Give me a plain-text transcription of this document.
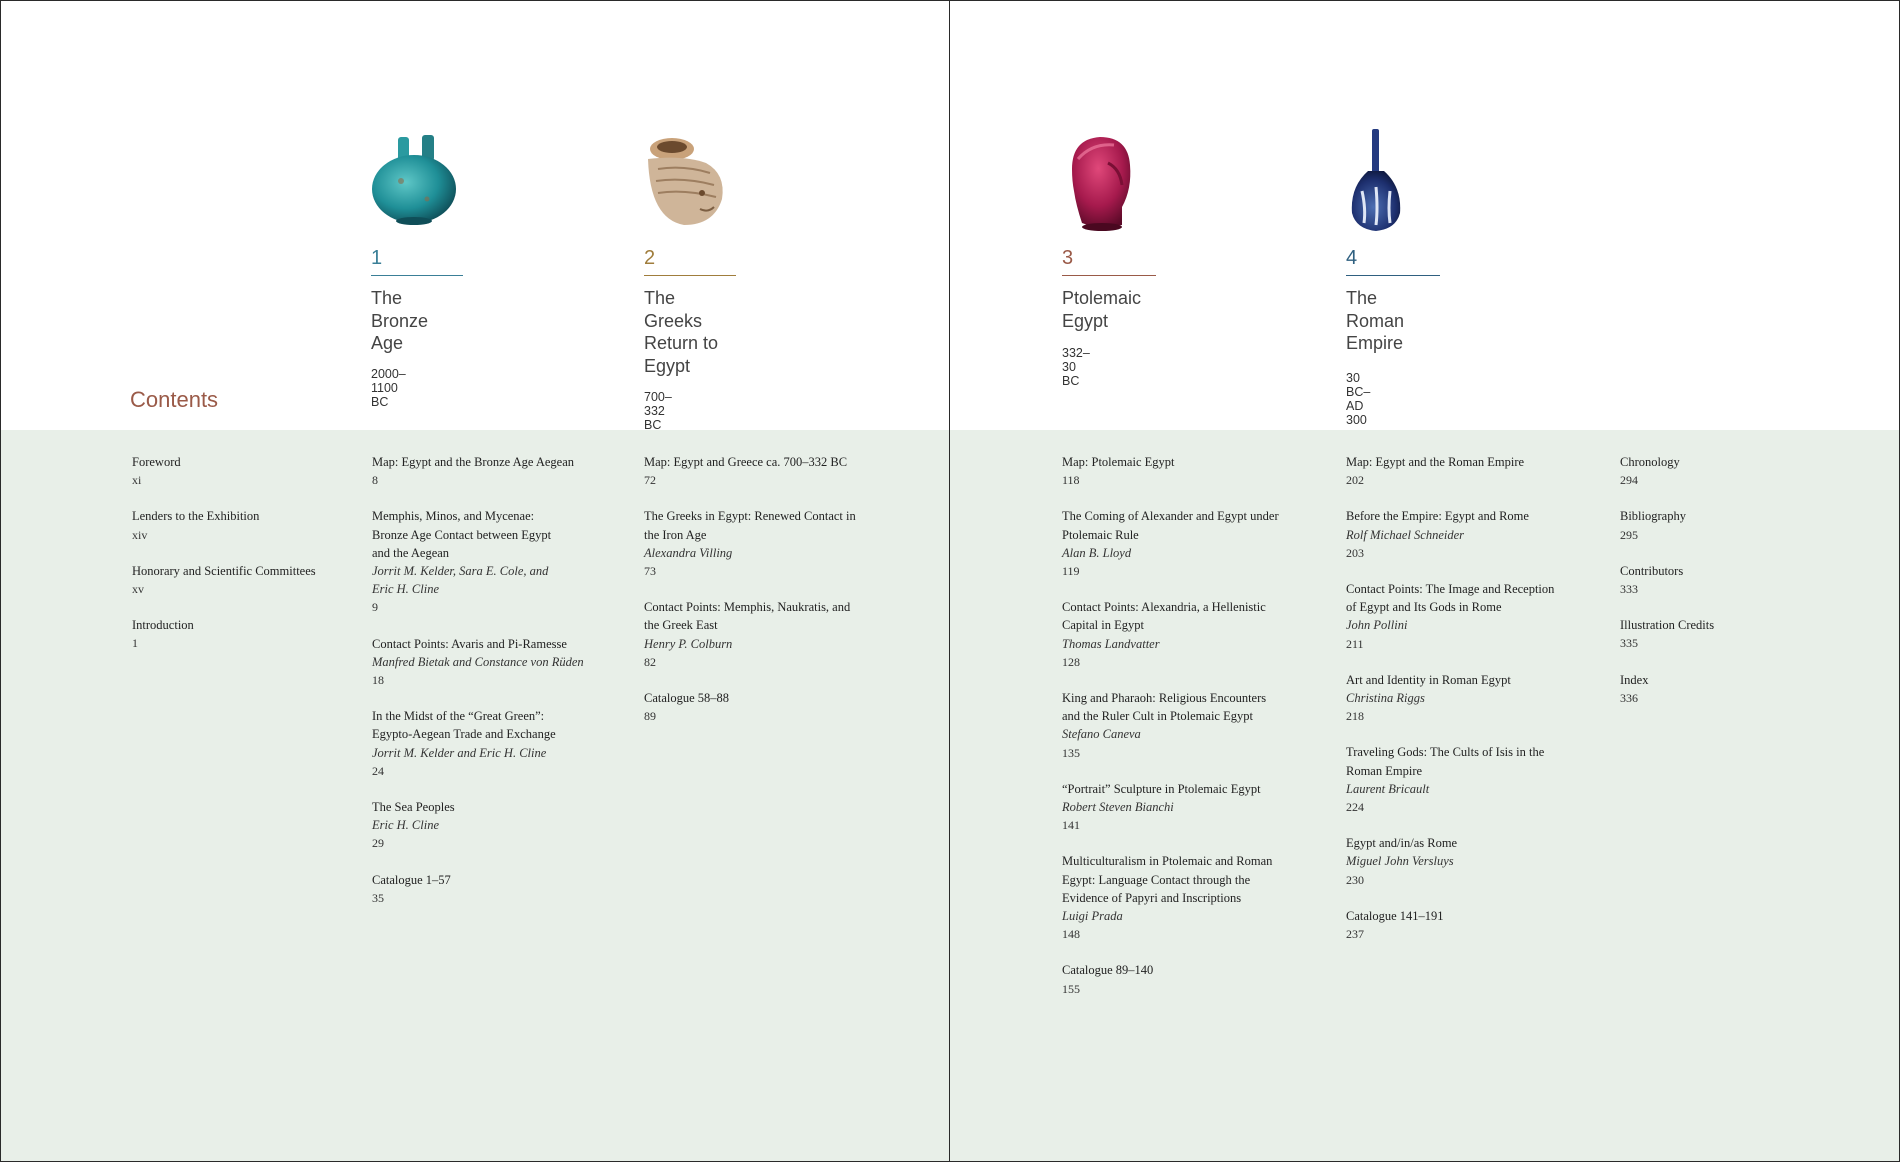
Contents
1
The
Bronze
Age
2000–1100 BC
2
The
Greeks
Return to
Egypt
700–332 BC
Foreword
xi
Lenders to the Exhibition
xiv
Honorary and Scientific Committees
xv
Introduction
1
Map: Egypt and the Bronze Age Aegean
8
Memphis, Minos, and Mycenae:
Bronze Age Contact between Egypt
and the Aegean
Jorrit M. Kelder, Sara E. Cole, and
Eric H. Cline
9
Contact Points: Avaris and Pi-Ramesse
Manfred Bietak and Constance von Rüden
18
In the Midst of the “Great Green”:
Egypto-Aegean Trade and Exchange
Jorrit M. Kelder and Eric H. Cline
24
The Sea Peoples
Eric H. Cline
29
Catalogue 1–57
35
Map: Egypt and Greece ca. 700–332 BC
72
The Greeks in Egypt: Renewed Contact in
the Iron Age
Alexandra Villing
73
Contact Points: Memphis, Naukratis, and
the Greek East
Henry P. Colburn
82
Catalogue 58–88
89
3
Ptolemaic
Egypt
332–30 BC
4
The
Roman
Empire
30 BC–AD 300
Map: Ptolemaic Egypt
118
The Coming of Alexander and Egypt under
Ptolemaic Rule
Alan B. Lloyd
119
Contact Points: Alexandria, a Hellenistic
Capital in Egypt
Thomas Landvatter
128
King and Pharaoh: Religious Encounters
and the Ruler Cult in Ptolemaic Egypt
Stefano Caneva
135
“Portrait” Sculpture in Ptolemaic Egypt
Robert Steven Bianchi
141
Multiculturalism in Ptolemaic and Roman
Egypt: Language Contact through the
Evidence of Papyri and Inscriptions
Luigi Prada
148
Catalogue 89–140
155
Map: Egypt and the Roman Empire
202
Before the Empire: Egypt and Rome
Rolf Michael Schneider
203
Contact Points: The Image and Reception
of Egypt and Its Gods in Rome
John Pollini
211
Art and Identity in Roman Egypt
Christina Riggs
218
Traveling Gods: The Cults of Isis in the
Roman Empire
Laurent Bricault
224
Egypt and/in/as Rome
Miguel John Versluys
230
Catalogue 141–191
237
Chronology
294
Bibliography
295
Contributors
333
Illustration Credits
335
Index
336
